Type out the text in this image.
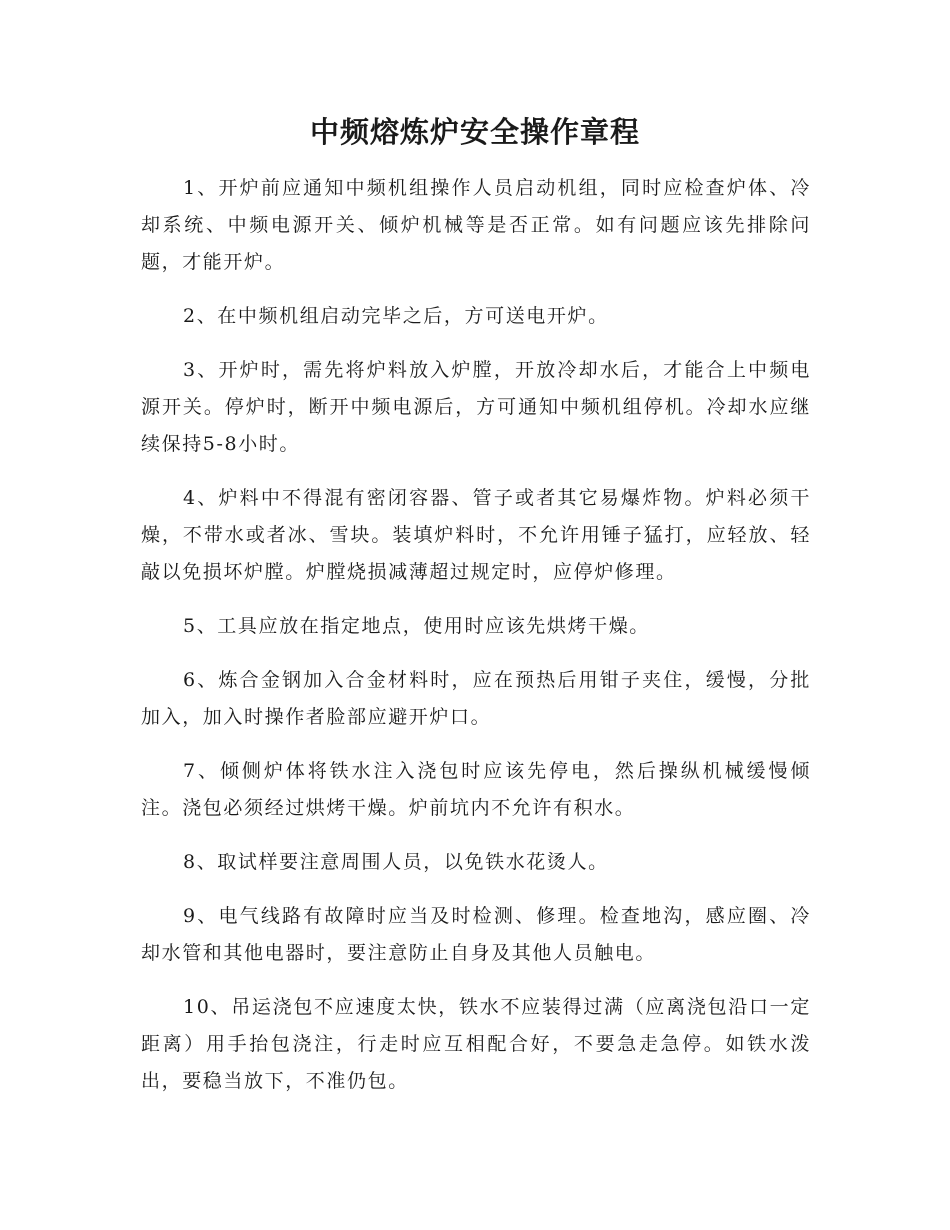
中频熔炼炉安全操作章程

1、开炉前应通知中频机组操作人员启动机组，同时应检查炉体、冷却系统、中频电源开关、倾炉机械等是否正常。如有问题应该先排除问题，才能开炉。

2、在中频机组启动完毕之后，方可送电开炉。

3、开炉时，需先将炉料放入炉膛，开放冷却水后，才能合上中频电源开关。停炉时，断开中频电源后，方可通知中频机组停机。冷却水应继续保持5-8小时。

4、炉料中不得混有密闭容器、管子或者其它易爆炸物。炉料必须干燥，不带水或者冰、雪块。装填炉料时，不允许用锤子猛打，应轻放、轻敲以免损坏炉膛。炉膛烧损减薄超过规定时，应停炉修理。

5、工具应放在指定地点，使用时应该先烘烤干燥。

6、炼合金钢加入合金材料时，应在预热后用钳子夹住，缓慢，分批加入，加入时操作者脸部应避开炉口。

7、倾侧炉体将铁水注入浇包时应该先停电，然后操纵机械缓慢倾注。浇包必须经过烘烤干燥。炉前坑内不允许有积水。

8、取试样要注意周围人员，以免铁水花烫人。

9、电气线路有故障时应当及时检测、修理。检查地沟，感应圈、冷却水管和其他电器时，要注意防止自身及其他人员触电。

10、吊运浇包不应速度太快，铁水不应装得过满（应离浇包沿口一定距离）用手抬包浇注，行走时应互相配合好，不要急走急停。如铁水泼出，要稳当放下，不准仍包。
